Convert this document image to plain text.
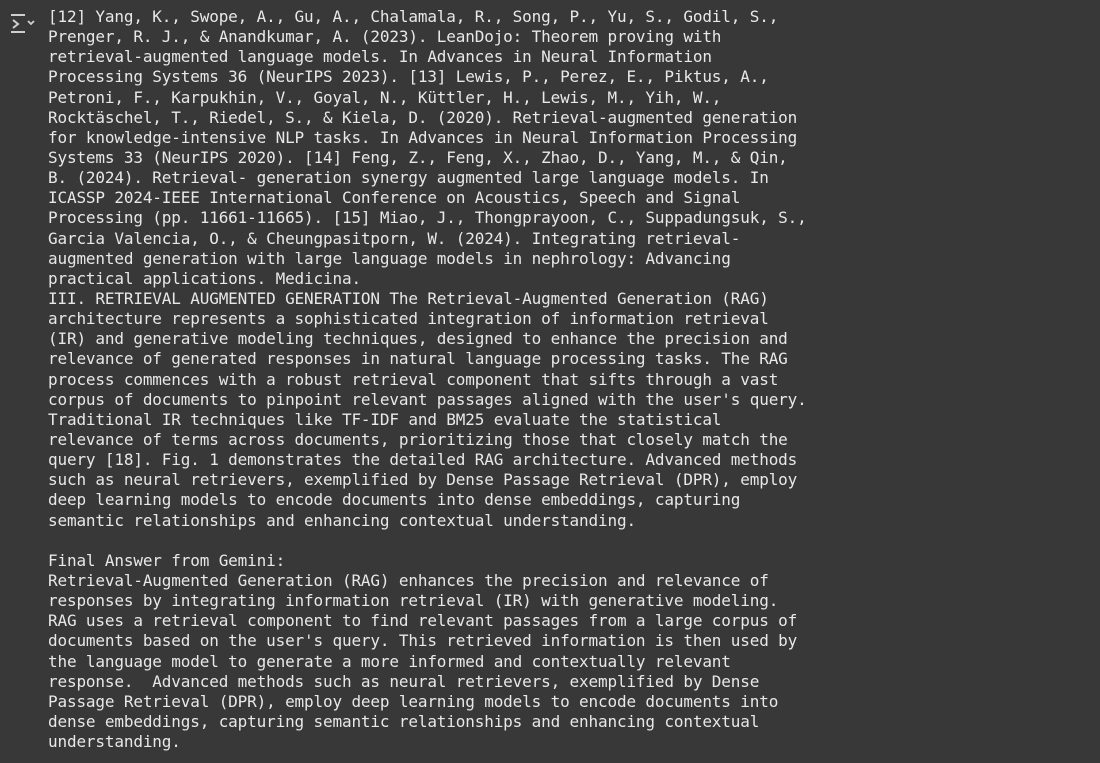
[12] Yang, K., Swope, A., Gu, A., Chalamala, R., Song, P., Yu, S., Godil, S.,
Prenger, R. J., & Anandkumar, A. (2023). LeanDojo: Theorem proving with
retrieval-augmented language models. In Advances in Neural Information
Processing Systems 36 (NeurIPS 2023). [13] Lewis, P., Perez, E., Piktus, A.,
Petroni, F., Karpukhin, V., Goyal, N., Küttler, H., Lewis, M., Yih, W.,
Rocktäschel, T., Riedel, S., & Kiela, D. (2020). Retrieval-augmented generation
for knowledge-intensive NLP tasks. In Advances in Neural Information Processing
Systems 33 (NeurIPS 2020). [14] Feng, Z., Feng, X., Zhao, D., Yang, M., & Qin,
B. (2024). Retrieval- generation synergy augmented large language models. In
ICASSP 2024-IEEE International Conference on Acoustics, Speech and Signal
Processing (pp. 11661-11665). [15] Miao, J., Thongprayoon, C., Suppadungsuk, S.,
Garcia Valencia, O., & Cheungpasitporn, W. (2024). Integrating retrieval-
augmented generation with large language models in nephrology: Advancing
practical applications. Medicina.
III. RETRIEVAL AUGMENTED GENERATION The Retrieval-Augmented Generation (RAG)
architecture represents a sophisticated integration of information retrieval
(IR) and generative modeling techniques, designed to enhance the precision and
relevance of generated responses in natural language processing tasks. The RAG
process commences with a robust retrieval component that sifts through a vast
corpus of documents to pinpoint relevant passages aligned with the user's query.
Traditional IR techniques like TF-IDF and BM25 evaluate the statistical
relevance of terms across documents, prioritizing those that closely match the
query [18]. Fig. 1 demonstrates the detailed RAG architecture. Advanced methods
such as neural retrievers, exemplified by Dense Passage Retrieval (DPR), employ
deep learning models to encode documents into dense embeddings, capturing
semantic relationships and enhancing contextual understanding.

Final Answer from Gemini:
Retrieval-Augmented Generation (RAG) enhances the precision and relevance of
responses by integrating information retrieval (IR) with generative modeling.
RAG uses a retrieval component to find relevant passages from a large corpus of
documents based on the user's query. This retrieved information is then used by
the language model to generate a more informed and contextually relevant
response.  Advanced methods such as neural retrievers, exemplified by Dense
Passage Retrieval (DPR), employ deep learning models to encode documents into
dense embeddings, capturing semantic relationships and enhancing contextual
understanding.
